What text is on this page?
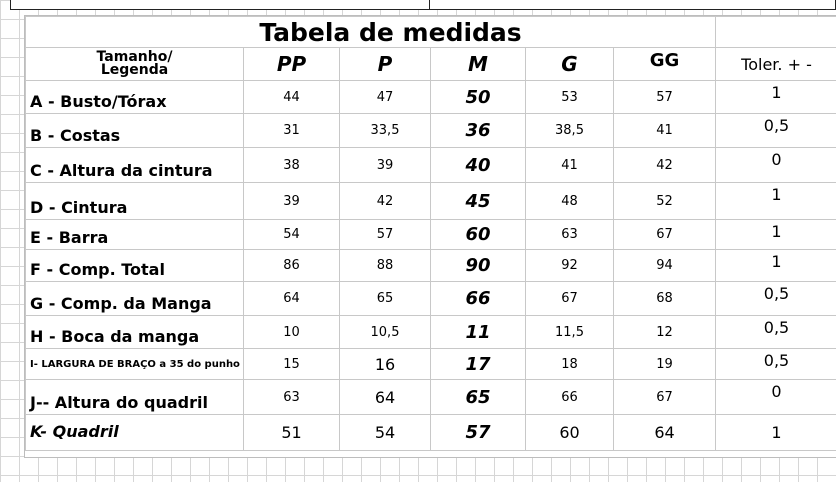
Tabela de medidas						
Tamanho/
Legenda	PP	P	M	G	GG	Toler. + -
A - Busto/Tórax	44	47	50	53	57	1
B - Costas	31	33,5	36	38,5	41	0,5
C - Altura da cintura	38	39	40	41	42	0
D - Cintura	39	42	45	48	52	1
E - Barra	54	57	60	63	67	1
F - Comp. Total	86	88	90	92	94	1
G - Comp. da Manga	64	65	66	67	68	0,5
H - Boca da manga	10	10,5	11	11,5	12	0,5
I- LARGURA DE BRAÇO a 35 do punho	15	16	17	18	19	0,5
J-- Altura do quadril	63	64	65	66	67	0
K- Quadril	51	54	57	60	64	1
